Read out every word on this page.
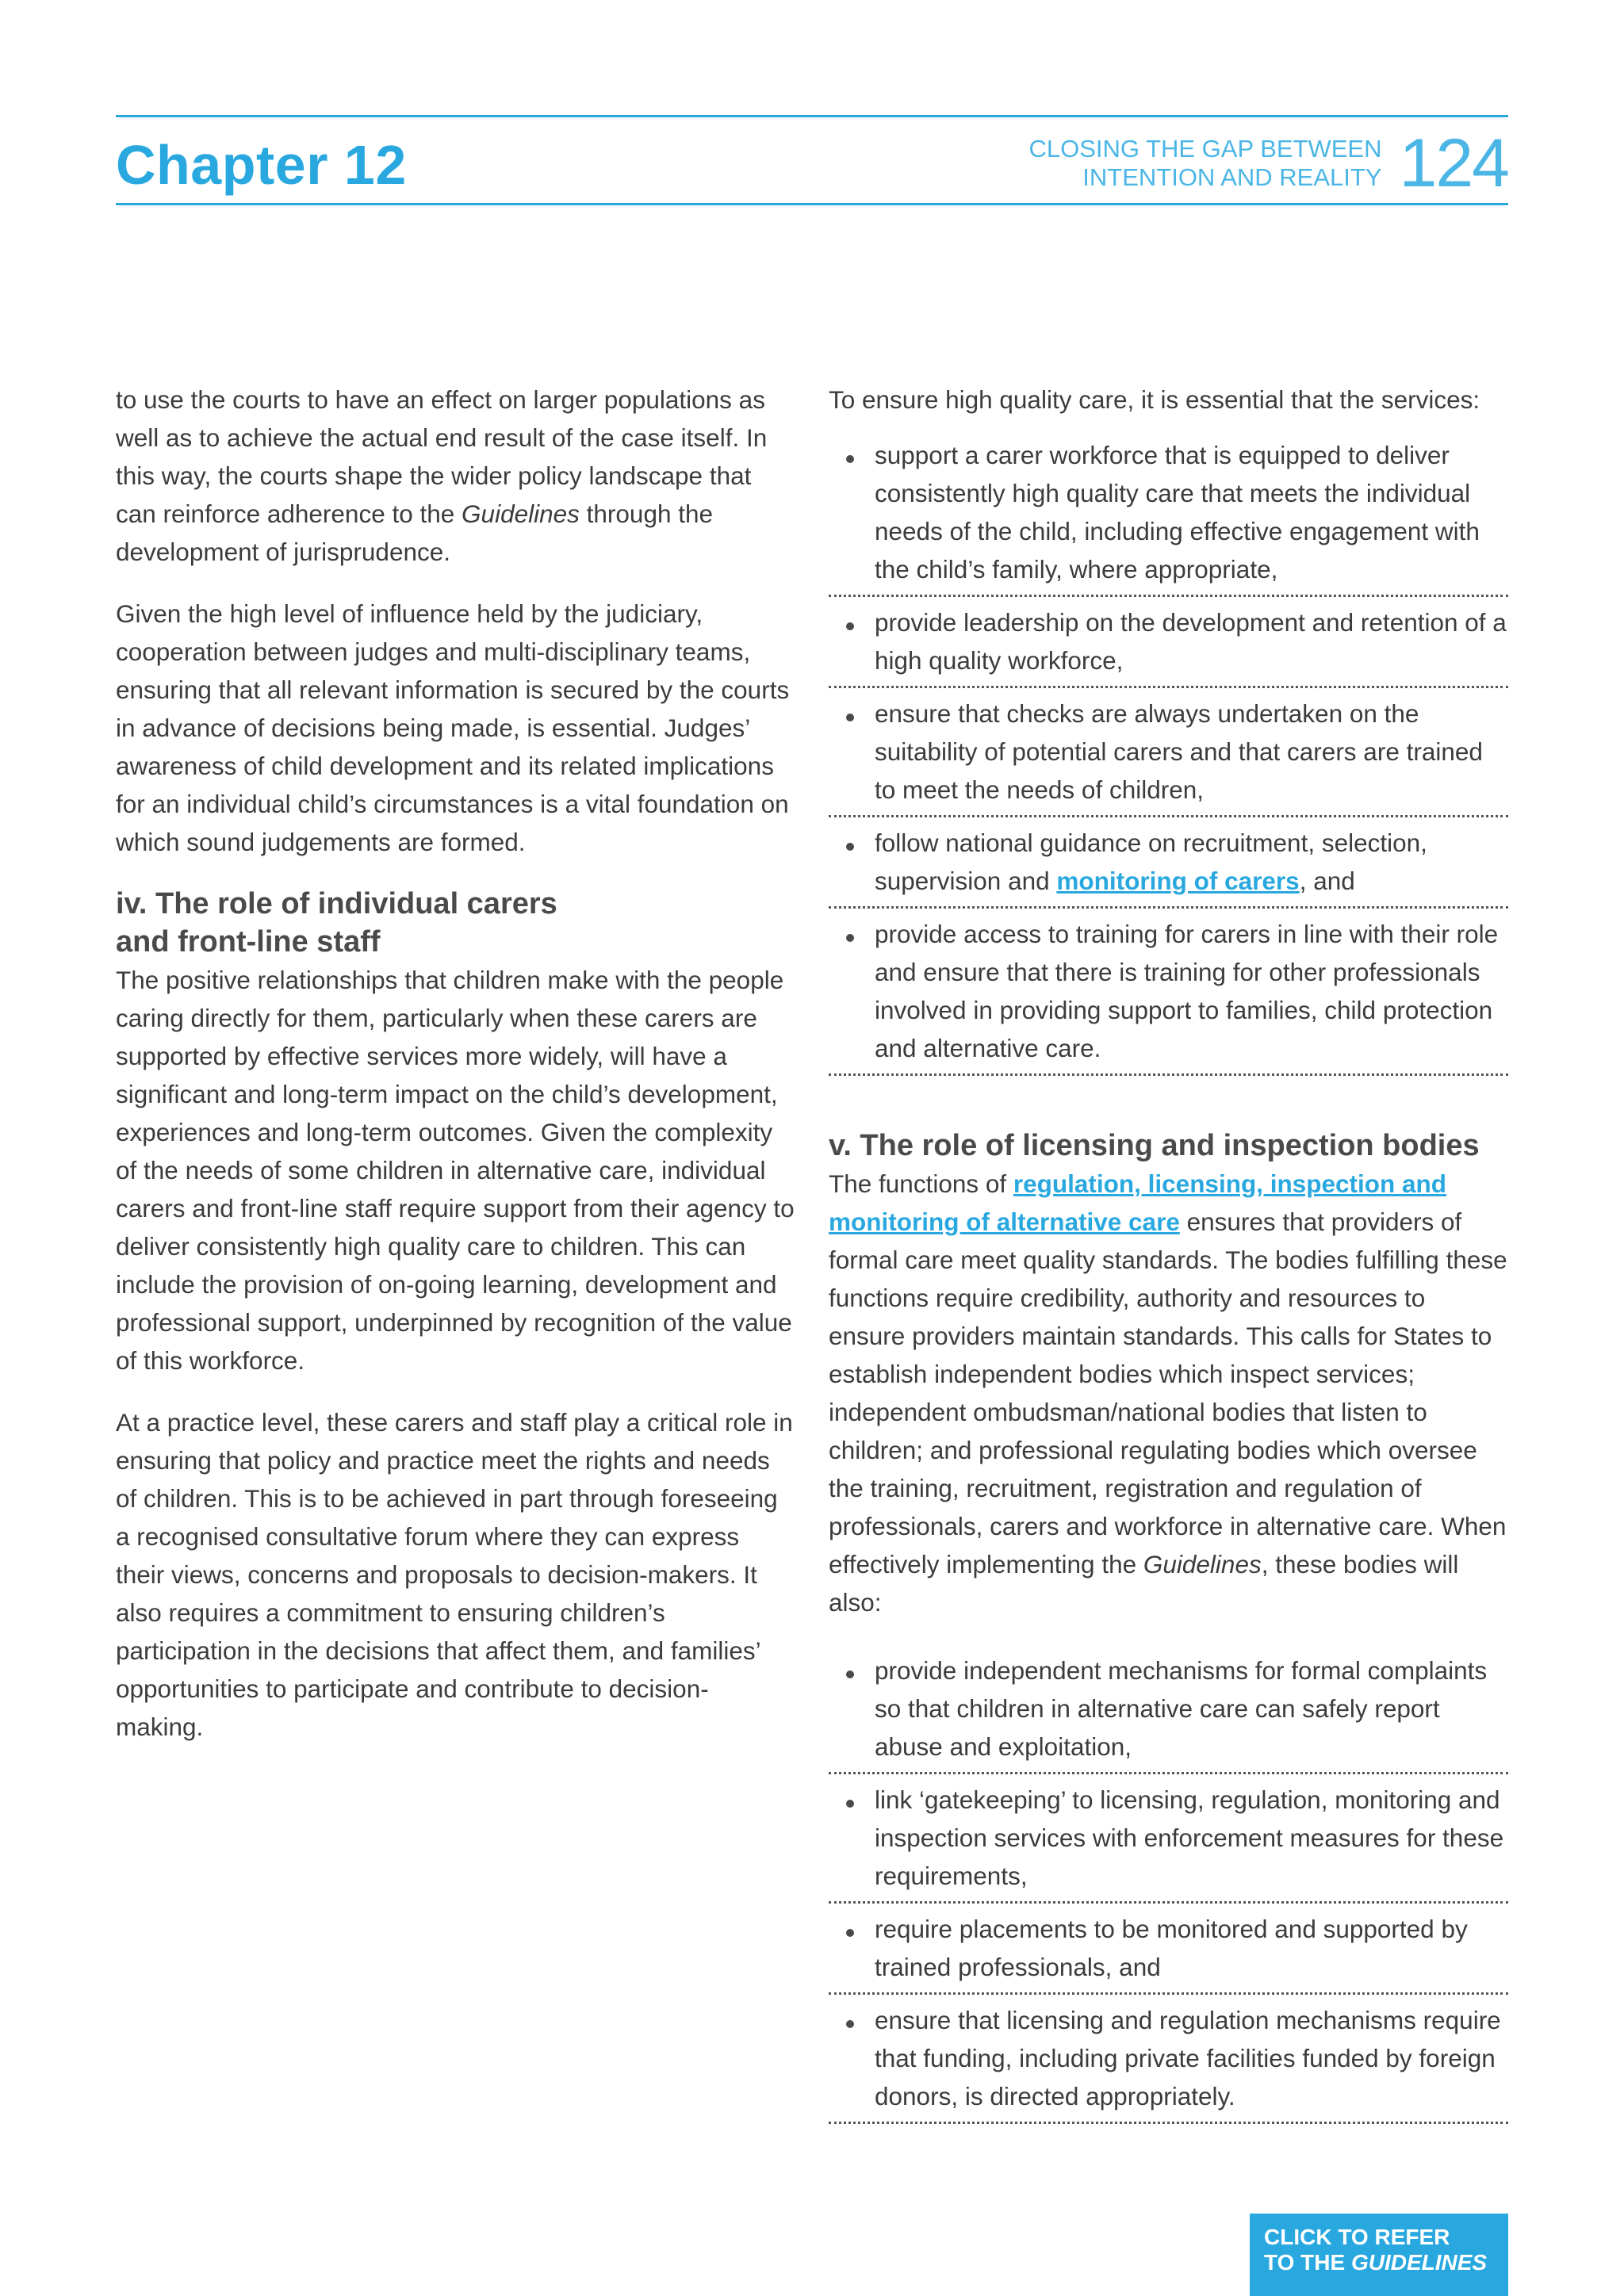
Chapter 12	CLOSING THE GAP BETWEEN
INTENTION AND REALITY 124

to use the courts to have an effect on larger populations as well as to achieve the actual end result of the case itself. In this way, the courts shape the wider policy landscape that can reinforce adherence to the Guidelines through the development of jurisprudence.

Given the high level of influence held by the judiciary, cooperation between judges and multi-disciplinary teams, ensuring that all relevant information is secured by the courts in advance of decisions being made, is essential. Judges’ awareness of child development and its related implications for an individual child’s circumstances is a vital foundation on which sound judgements are formed.

iv. The role of individual carers and front-line staff

The positive relationships that children make with the people caring directly for them, particularly when these carers are supported by effective services more widely, will have a significant and long-term impact on the child’s development, experiences and long-term outcomes. Given the complexity of the needs of some children in alternative care, individual carers and front-line staff require support from their agency to deliver consistently high quality care to children. This can include the provision of on-going learning, development and professional support, underpinned by recognition of the value of this workforce.

At a practice level, these carers and staff play a critical role in ensuring that policy and practice meet the rights and needs of children. This is to be achieved in part through foreseeing a recognised consultative forum where they can express their views, concerns and proposals to decision-makers. It also requires a commitment to ensuring children’s participation in the decisions that affect them, and families’ opportunities to participate and contribute to decision-making.

To ensure high quality care, it is essential that the services:

support a carer workforce that is equipped to deliver consistently high quality care that meets the individual needs of the child, including effective engagement with the child’s family, where appropriate,
provide leadership on the development and retention of a high quality workforce,
ensure that checks are always undertaken on the suitability of potential carers and that carers are trained to meet the needs of children,
follow national guidance on recruitment, selection, supervision and monitoring of carers, and
provide access to training for carers in line with their role and ensure that there is training for other professionals involved in providing support to families, child protection and alternative care.
v. The role of licensing and inspection bodies

The functions of regulation, licensing, inspection and monitoring of alternative care ensures that providers of formal care meet quality standards. The bodies fulfilling these functions require credibility, authority and resources to ensure providers maintain standards. This calls for States to establish independent bodies which inspect services; independent ombudsman/national bodies that listen to children; and professional regulating bodies which oversee the training, recruitment, registration and regulation of professionals, carers and workforce in alternative care. When effectively implementing the Guidelines, these bodies will also:

provide independent mechanisms for formal complaints so that children in alternative care can safely report abuse and exploitation,
link ‘gatekeeping’ to licensing, regulation, monitoring and inspection services with enforcement measures for these requirements,
require placements to be monitored and supported by trained professionals, and
ensure that licensing and regulation mechanisms require that funding, including private facilities funded by foreign donors, is directed appropriately.
CLICK TO REFER
TO THE GUIDELINES
